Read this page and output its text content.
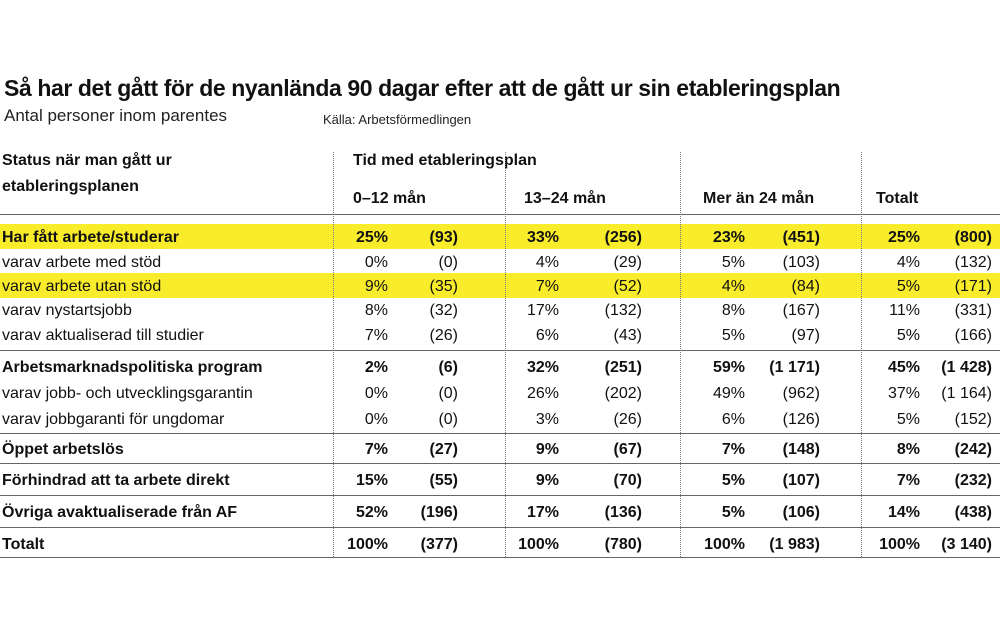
Så har det gått för de nyanlända 90 dagar efter att de gått ur sin etableringsplan
Antal personer inom parentes	Källa: Arbetsförmedlingen
Status när man gått ur
etableringsplanen
Tid med etableringsplan
0–12 mån	13–24 mån	Mer än 24 mån	Totalt
Har fått arbete/studerar	25%	(93)	33%	(256)	23%	(451)	25%	(800)
varav arbete med stöd	0%	(0)	4%	(29)	5%	(103)	4%	(132)
varav arbete utan stöd	9%	(35)	7%	(52)	4%	(84)	5%	(171)
varav nystartsjobb	8%	(32)	17%	(132)	8%	(167)	11%	(331)
varav aktualiserad till studier	7%	(26)	6%	(43)	5%	(97)	5%	(166)
Arbetsmarknadspolitiska program	2%	(6)	32%	(251)	59% (1 171)	45% (1 428)
varav jobb- och utvecklingsgarantin	0%	(0)	26%	(202)	49%	(962)	37% (1 164)
varav jobbgaranti för ungdomar	0%	(0)	3%	(26)	6%	(126)	5%	(152)
Öppet arbetslös	7%	(27)	9%	(67)	7%	(148)	8%	(242)
Förhindrad att ta arbete direkt	15%	(55)	9%	(70)	5%	(107)	7%	(232)
Övriga avaktualiserade från AF	52%	(196)	17%	(136)	5%	(106)	14%	(438)
Totalt	100%	(377)	100%	(780)	100% (1 983)	100% (3 140)
